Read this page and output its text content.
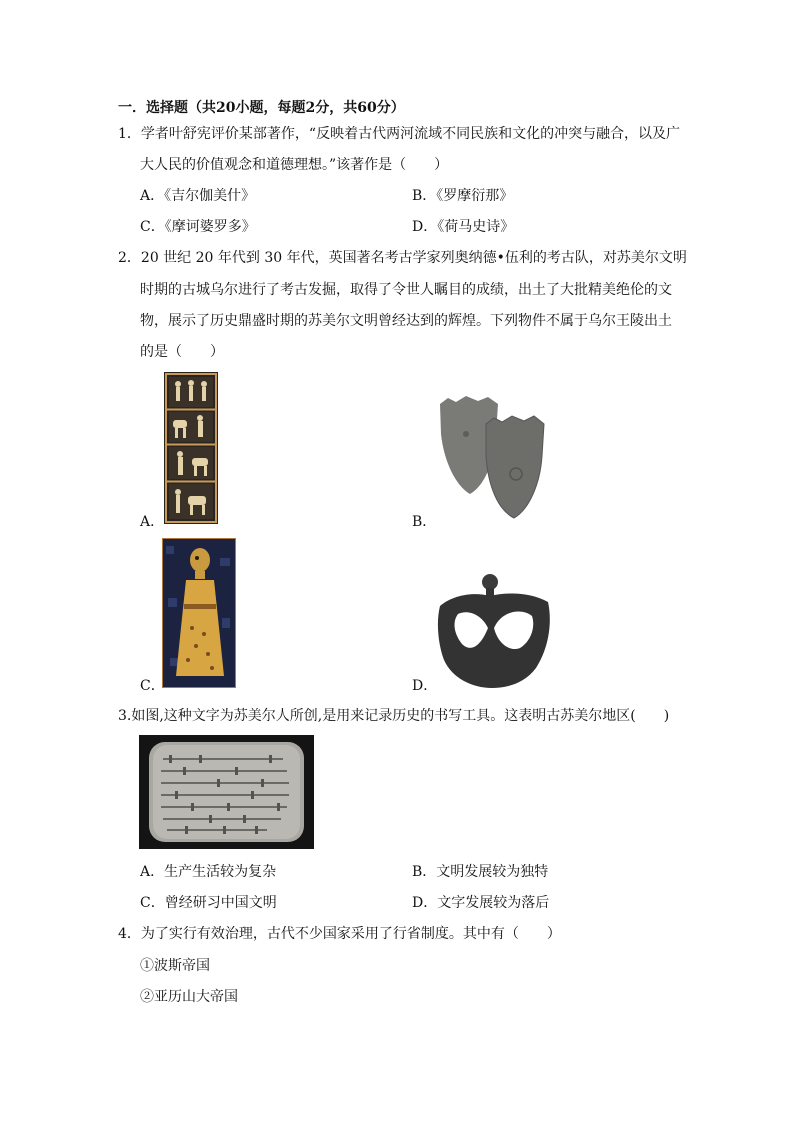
一．选择题（共20小题，每题2分，共60分）
1．学者叶舒宪评价某部著作，“反映着古代两河流域不同民族和文化的冲突与融合，以及广
大人民的价值观念和道德理想。”该著作是（　　）
A．《吉尔伽美什》	B．《罗摩衍那》
C．《摩诃婆罗多》	D．《荷马史诗》
2．20 世纪 20 年代到 30 年代，英国著名考古学家列奥纳德•伍利的考古队，对苏美尔文明
时期的古城乌尔进行了考古发掘，取得了令世人瞩目的成绩，出土了大批精美绝伦的文
物，展示了历史鼎盛时期的苏美尔文明曾经达到的辉煌。下列物件不属于乌尔王陵出土
的是（　　）
A．	B．
C．	D．
3.如图,这种文字为苏美尔人所创,是用来记录历史的书写工具。这表明古苏美尔地区(　　)
A．生产生活较为复杂	B．文明发展较为独特
C．曾经研习中国文明	D．文字发展较为落后
4．为了实行有效治理，古代不少国家采用了行省制度。其中有（　　）
①波斯帝国
②亚历山大帝国
